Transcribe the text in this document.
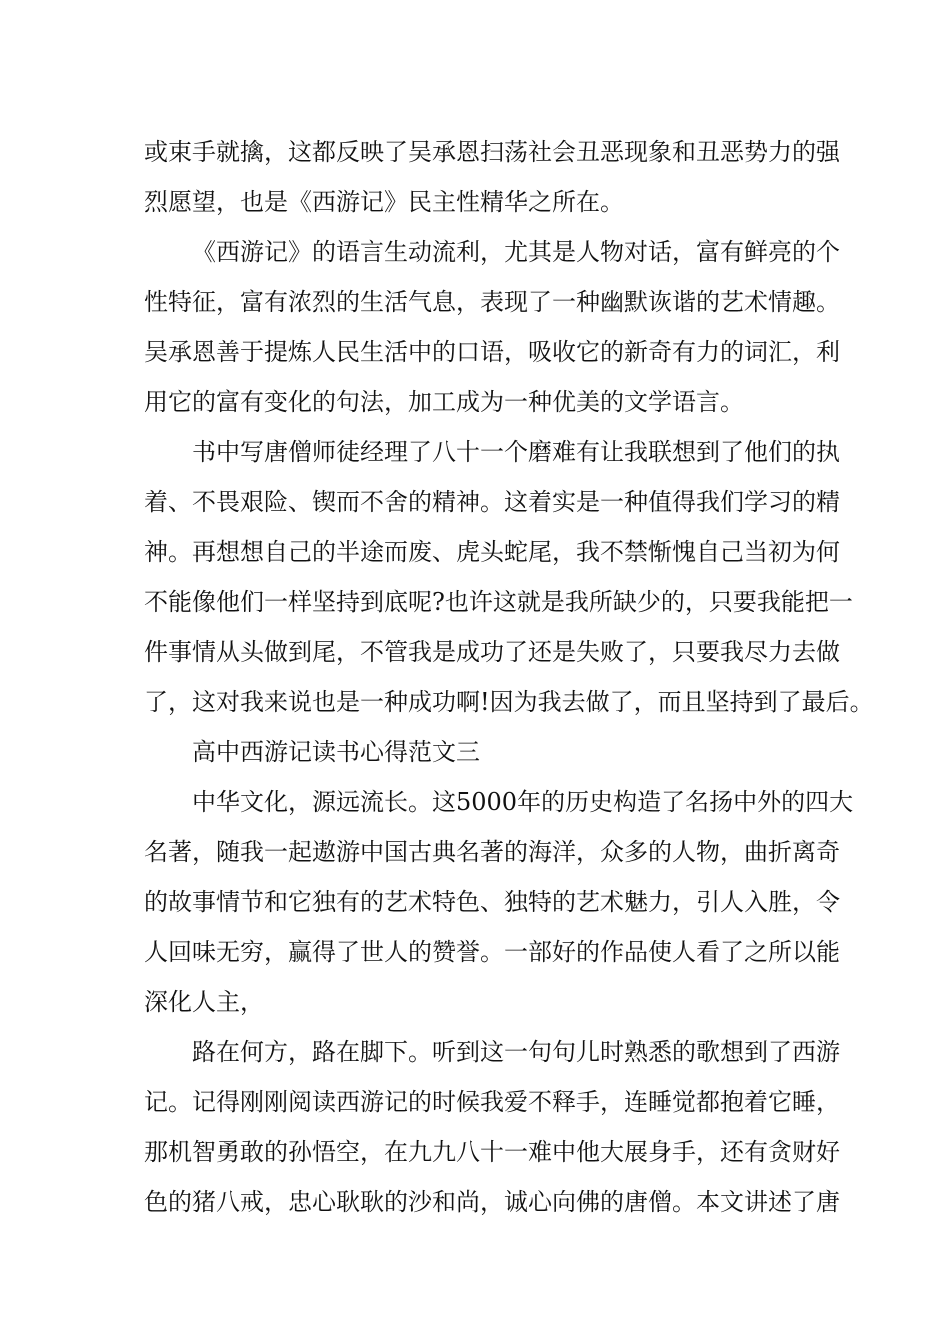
或束手就擒，这都反映了吴承恩扫荡社会丑恶现象和丑恶势力的强
烈愿望，也是《西游记》民主性精华之所在。
《西游记》的语言生动流利，尤其是人物对话，富有鲜亮的个
性特征，富有浓烈的生活气息，表现了一种幽默诙谐的艺术情趣。
吴承恩善于提炼人民生活中的口语，吸收它的新奇有力的词汇，利
用它的富有变化的句法，加工成为一种优美的文学语言。
书中写唐僧师徒经理了八十一个磨难有让我联想到了他们的执
着、不畏艰险、锲而不舍的精神。这着实是一种值得我们学习的精
神。再想想自己的半途而废、虎头蛇尾，我不禁惭愧自己当初为何
不能像他们一样坚持到底呢?也许这就是我所缺少的，只要我能把一
件事情从头做到尾，不管我是成功了还是失败了，只要我尽力去做
了，这对我来说也是一种成功啊!因为我去做了，而且坚持到了最后。
高中西游记读书心得范文三
中华文化，源远流长。这5000年的历史构造了名扬中外的四大
名著，随我一起遨游中国古典名著的海洋，众多的人物，曲折离奇
的故事情节和它独有的艺术特色、独特的艺术魅力，引人入胜，令
人回味无穷，赢得了世人的赞誉。一部好的作品使人看了之所以能
深化人主，
路在何方，路在脚下。听到这一句句儿时熟悉的歌想到了西游
记。记得刚刚阅读西游记的时候我爱不释手，连睡觉都抱着它睡，
那机智勇敢的孙悟空，在九九八十一难中他大展身手，还有贪财好
色的猪八戒，忠心耿耿的沙和尚，诚心向佛的唐僧。本文讲述了唐
